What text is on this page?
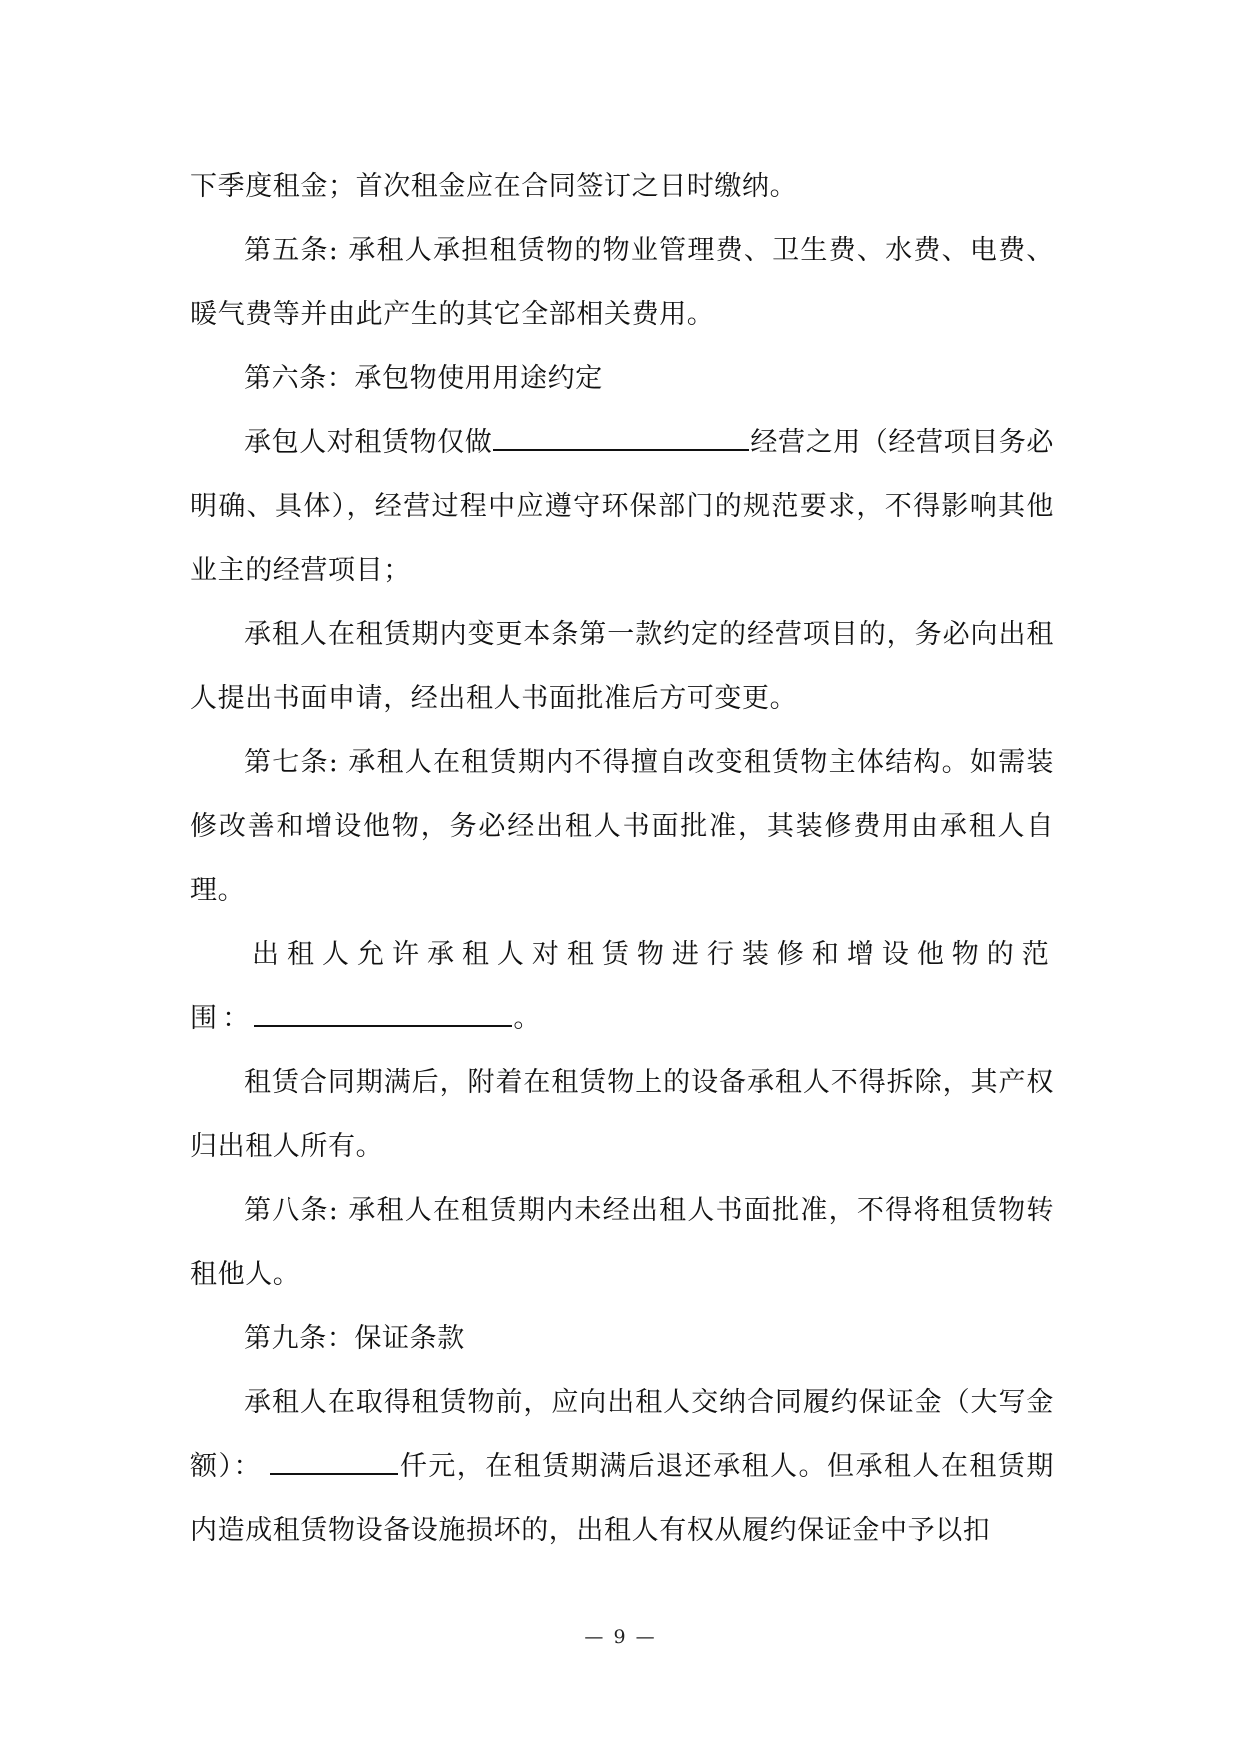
下季度租金；首次租金应在合同签订之日时缴纳。

第五条: 承租人承担租赁物的物业管理费、卫生费、水费、电费、暖气费等并由此产生的其它全部相关费用。

第六条：承包物使用用途约定

承包人对租赁物仅做	经营之用（经营项目务必明确、具体），经营过程中应遵守环保部门的规范要求，不得影响其他业主的经营项目；

承租人在租赁期内变更本条第一款约定的经营项目的，务必向出租人提出书面申请，经出租人书面批准后方可变更。

第七条: 承租人在租赁期内不得擅自改变租赁物主体结构。如需装修改善和增设他物，务必经出租人书面批准，其装修费用由承租人自理。

出租人允许承租人对租赁物进行装修和增设他物的范围：	。

租赁合同期满后，附着在租赁物上的设备承租人不得拆除，其产权归出租人所有。

第八条: 承租人在租赁期内未经出租人书面批准，不得将租赁物转租他人。

第九条：保证条款

承租人在取得租赁物前，应向出租人交纳合同履约保证金（大写金额）：	仟元，在租赁期满后退还承租人。但承租人在租赁期内造成租赁物设备设施损坏的，出租人有权从履约保证金中予以扣

— 9 —
